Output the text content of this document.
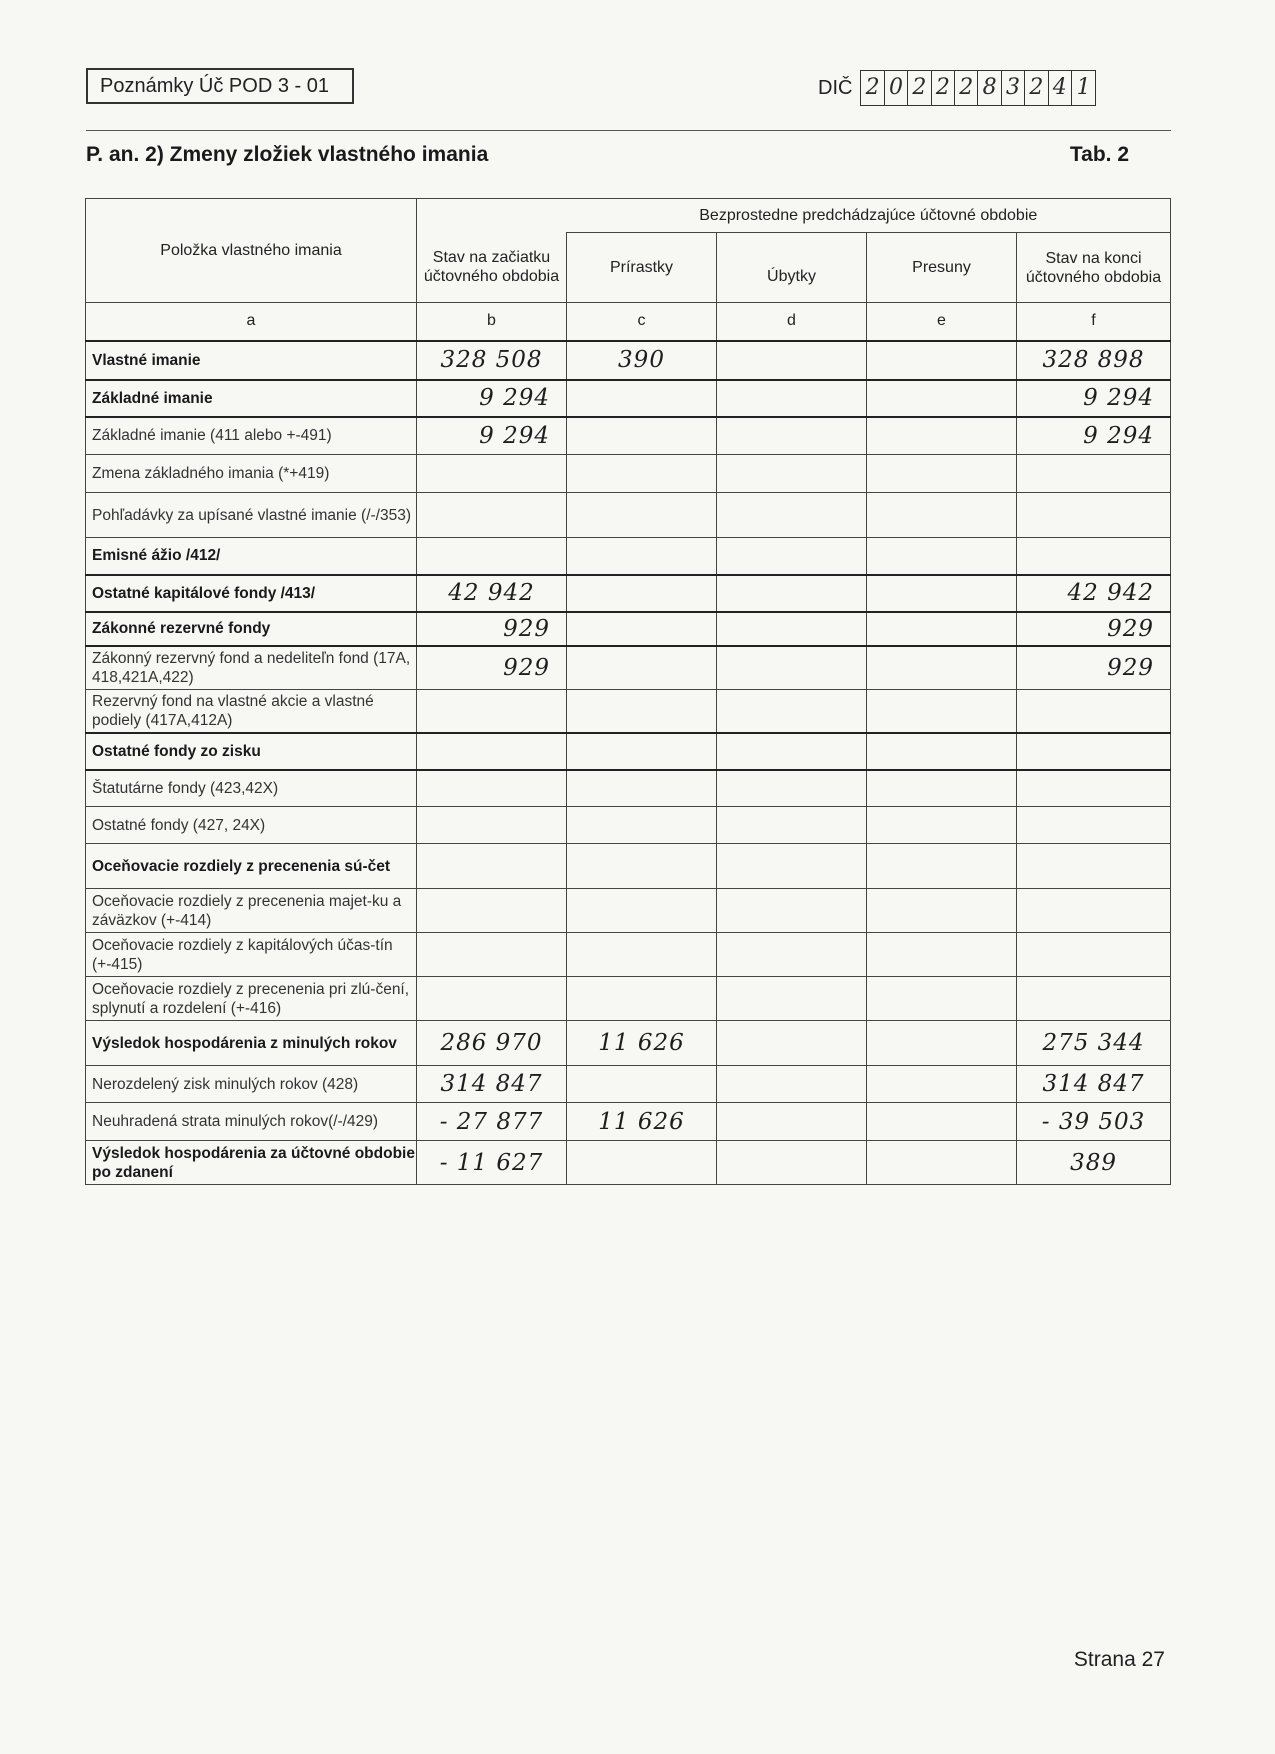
Poznámky Úč POD 3 - 01	DIČ 2 0 2 2 2 8 3 2 4 1
P. an. 2) Zmeny zložiek vlastného imania	Tab. 2
Položka vlastného imania		Bezprostedne predchádzajúce účtovné obdobie			
	Stav na začiatku účtovného obdobia	Prírastky	Úbytky	Presuny	Stav na konci účtovného obdobia
a	b	c	d	e	f
Vlastné imanie	328 508	390			328 898
Základné imanie	9 294				9 294
Základné imanie (411 alebo +-491)	9 294				9 294
Zmena základného imania (*+419)					
Pohľadávky za upísané vlastné imanie (/-/353)					
Emisné ážio /412/					
Ostatné kapitálové fondy /413/	42 942				42 942
Zákonné rezervné fondy	929				929
Zákonný rezervný fond a nedeliteľn fond (17A, 418,421A,422)	929				929
Rezervný fond na vlastné akcie a vlastné podiely (417A,412A)					
Ostatné fondy zo zisku					
Štatutárne fondy (423,42X)					
Ostatné fondy (427, 24X)					
Oceňovacie rozdiely z precenenia sú-čet					
Oceňovacie rozdiely z precenenia majet-ku a záväzkov (+-414)					
Oceňovacie rozdiely z kapitálových účas-tín (+-415)					
Oceňovacie rozdiely z precenenia pri zlú-čení, splynutí a rozdelení (+-416)					
Výsledok hospodárenia z minulých rokov	286 970	11 626			275 344
Nerozdelený zisk minulých rokov (428)	314 847				314 847
Neuhradená strata minulých rokov(/-/429)	- 27 877	11 626			- 39 503
Výsledok hospodárenia za účtovné obdobie po zdanení	- 11 627				389
Strana 27
